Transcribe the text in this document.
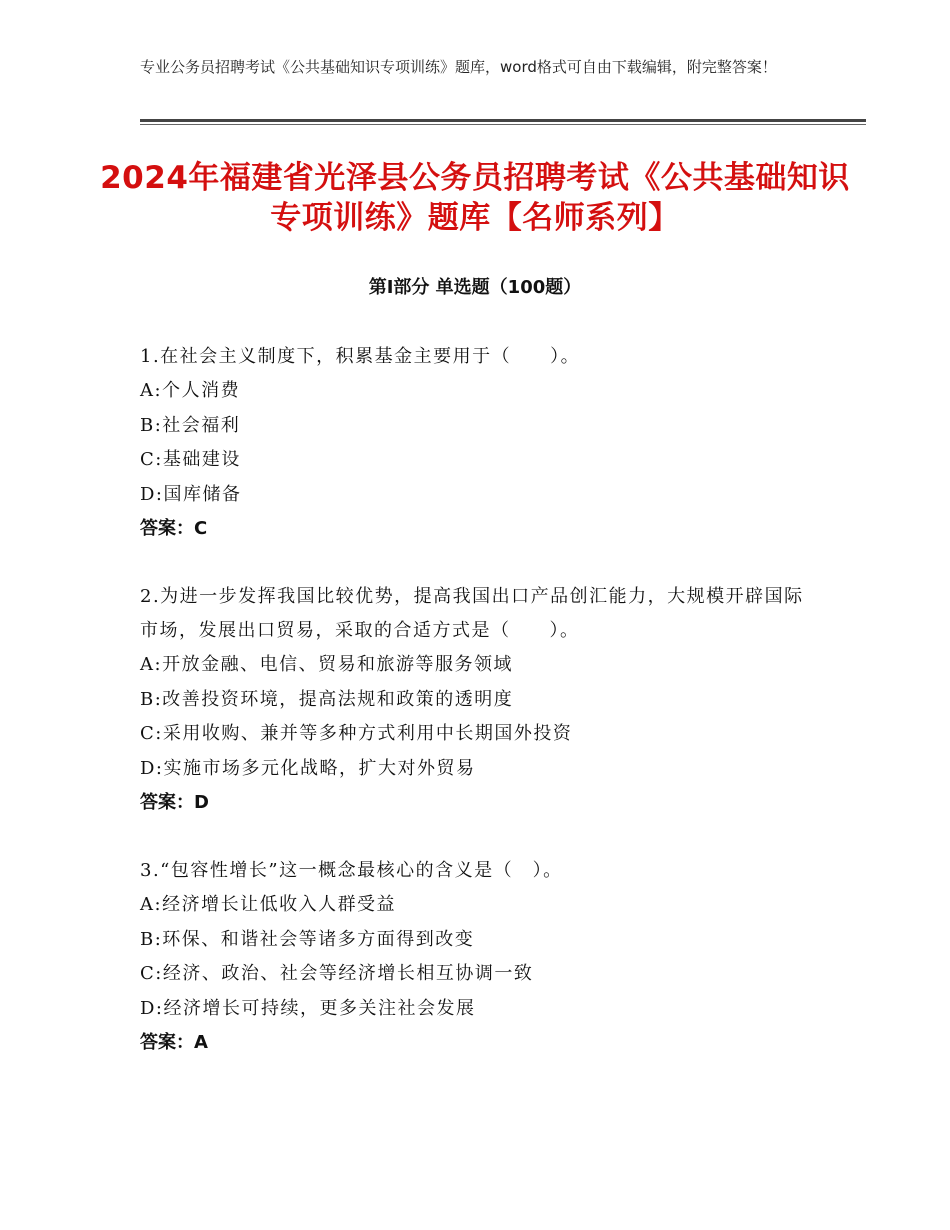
专业公务员招聘考试《公共基础知识专项训练》题库，word格式可自由下载编辑，附完整答案！
2024年福建省光泽县公务员招聘考试《公共基础知识专项训练》题库【名师系列】
第Ⅰ部分 单选题（100题）
1.在社会主义制度下，积累基金主要用于（　　）。
A:个人消费
B:社会福利
C:基础建设
D:国库储备
答案：C
2.为进一步发挥我国比较优势，提高我国出口产品创汇能力，大规模开辟国际市场，发展出口贸易，采取的合适方式是（　　）。
A:开放金融、电信、贸易和旅游等服务领域
B:改善投资环境，提高法规和政策的透明度
C:采用收购、兼并等多种方式利用中长期国外投资
D:实施市场多元化战略，扩大对外贸易
答案：D
3.“包容性增长”这一概念最核心的含义是（　）。
A:经济增长让低收入人群受益
B:环保、和谐社会等诸多方面得到改变
C:经济、政治、社会等经济增长相互协调一致
D:经济增长可持续，更多关注社会发展
答案：A
